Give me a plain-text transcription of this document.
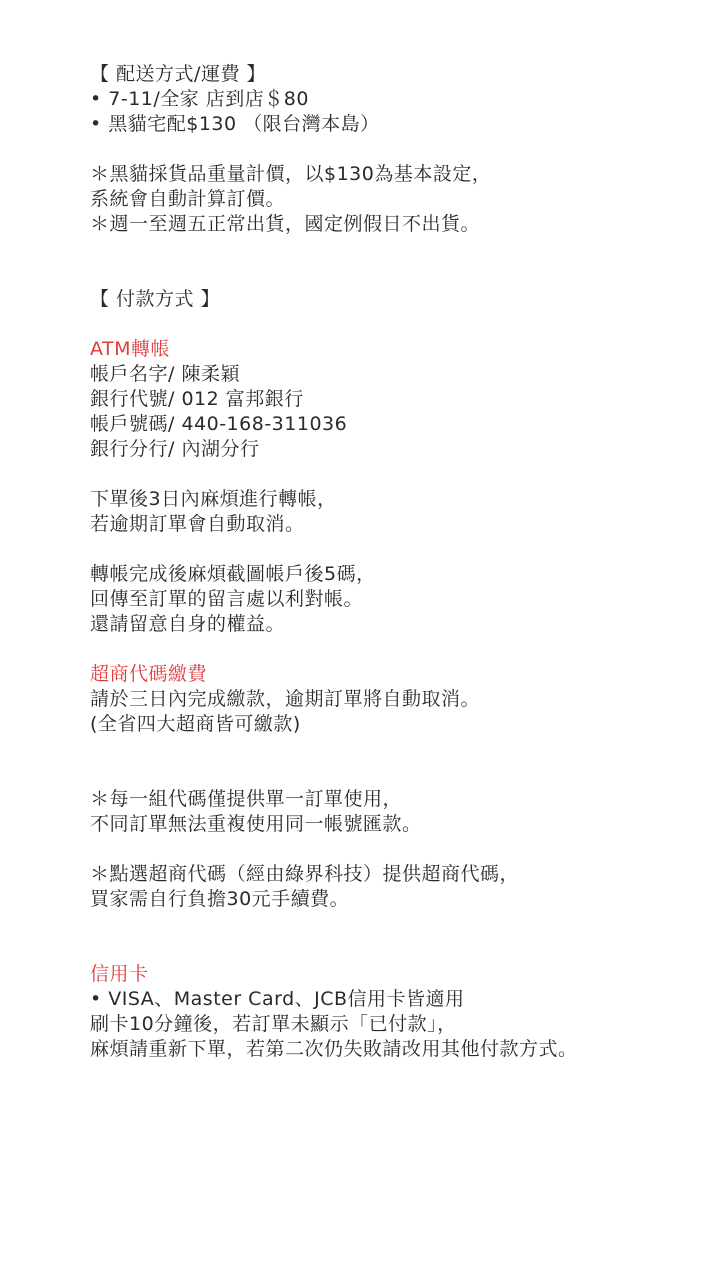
【 配送方式/運費 】
• 7-11/全家 店到店＄80
• 黑貓宅配$130 （限台灣本島）
＊黑貓採貨品重量計價，以$130為基本設定，
系統會自動計算訂價。
＊週一至週五正常出貨，國定例假日不出貨。
【 付款方式 】
ATM轉帳
帳戶名字/ 陳柔穎
銀行代號/ 012 富邦銀行
帳戶號碼/ 440-168-311036
銀行分行/ 內湖分行
下單後3日內麻煩進行轉帳，
若逾期訂單會自動取消。
轉帳完成後麻煩截圖帳戶後5碼，
回傳至訂單的留言處以利對帳。
還請留意自身的權益。
超商代碼繳費
請於三日內完成繳款，逾期訂單將自動取消。
(全省四大超商皆可繳款)
＊每一組代碼僅提供單一訂單使用，
不同訂單無法重複使用同一帳號匯款。
＊點選超商代碼（經由綠界科技）提供超商代碼，
買家需自行負擔30元手續費。
信用卡
• VISA、Master Card、JCB信用卡皆適用
刷卡10分鐘後，若訂單未顯示「已付款」，
麻煩請重新下單，若第二次仍失敗請改用其他付款方式。
